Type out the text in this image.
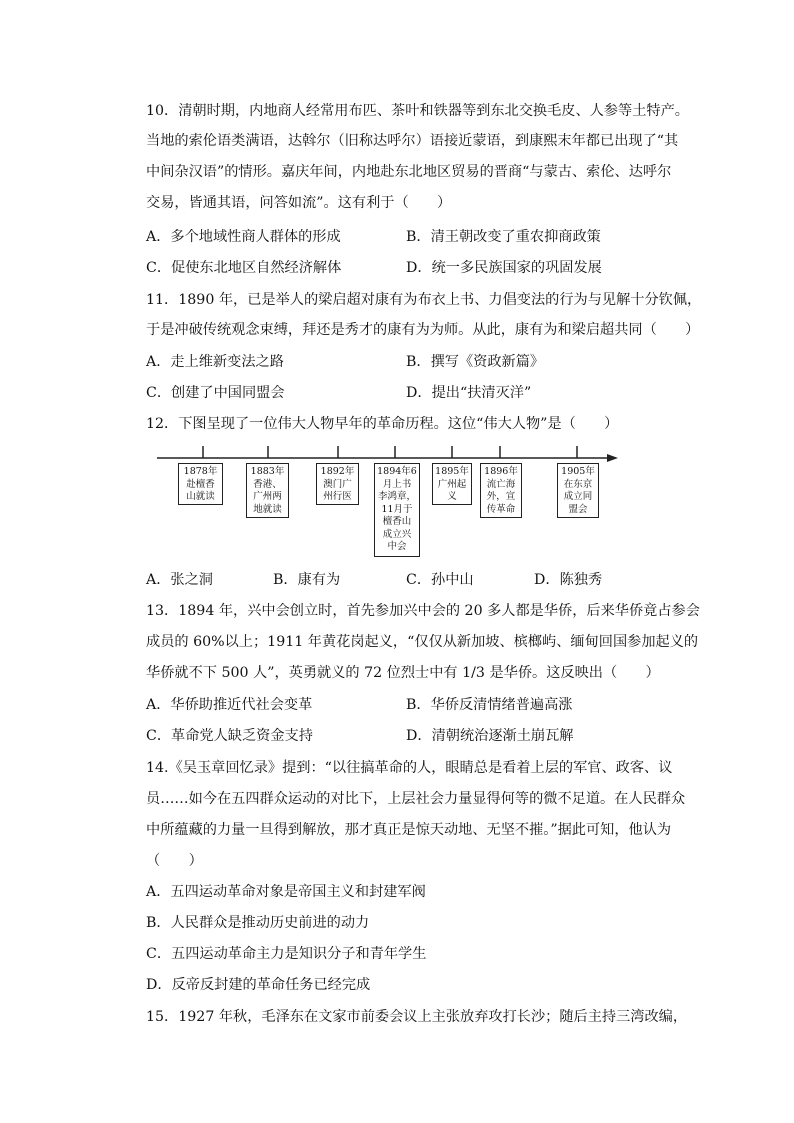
10．清朝时期，内地商人经常用布匹、茶叶和铁器等到东北交换毛皮、人参等土特产。
当地的索伦语类满语，达斡尔（旧称达呼尔）语接近蒙语，到康熙末年都已出现了“其
中间杂汉语”的情形。嘉庆年间，内地赴东北地区贸易的晋商“与蒙古、索伦、达呼尔
交易，皆通其语，问答如流”。这有利于（　　）
A．多个地域性商人群体的形成	B．清王朝改变了重农抑商政策
C．促使东北地区自然经济解体	D．统一多民族国家的巩固发展
11．1890 年，已是举人的梁启超对康有为布衣上书、力倡变法的行为与见解十分钦佩，
于是冲破传统观念束缚，拜还是秀才的康有为为师。从此，康有为和梁启超共同（　　）
A．走上维新变法之路	B．撰写《资政新篇》
C．创建了中国同盟会	D．提出“扶清灭洋”
12．下图呈现了一位伟大人物早年的革命历程。这位“伟大人物”是（　　）
1878年
赴檀香
山就读
1883年
香港、
广州两
地就读
1892年
澳门广
州行医
1894年6
月上书
李鸿章，
11月于
檀香山
成立兴
中会
1895年
广州起
义
1896年
流亡海
外，宣
传革命
1905年
在东京
成立同
盟会
A．张之洞	B．康有为	C．孙中山	D．陈独秀
13．1894 年，兴中会创立时，首先参加兴中会的 20 多人都是华侨，后来华侨竟占参会
成员的 60%以上；1911 年黄花岗起义，“仅仅从新加坡、槟榔屿、缅甸回国参加起义的
华侨就不下 500 人”，英勇就义的 72 位烈士中有 1/3 是华侨。这反映出（　　）
A．华侨助推近代社会变革	B．华侨反清情绪普遍高涨
C．革命党人缺乏资金支持	D．清朝统治逐渐土崩瓦解
14.《吴玉章回忆录》提到：“以往搞革命的人，眼睛总是看着上层的军官、政客、议
员……如今在五四群众运动的对比下，上层社会力量显得何等的微不足道。在人民群众
中所蕴藏的力量一旦得到解放，那才真正是惊天动地、无坚不摧。”据此可知，他认为
（　　）
A．五四运动革命对象是帝国主义和封建军阀
B．人民群众是推动历史前进的动力
C．五四运动革命主力是知识分子和青年学生
D．反帝反封建的革命任务已经完成
15．1927 年秋，毛泽东在文家市前委会议上主张放弃攻打长沙；随后主持三湾改编，
